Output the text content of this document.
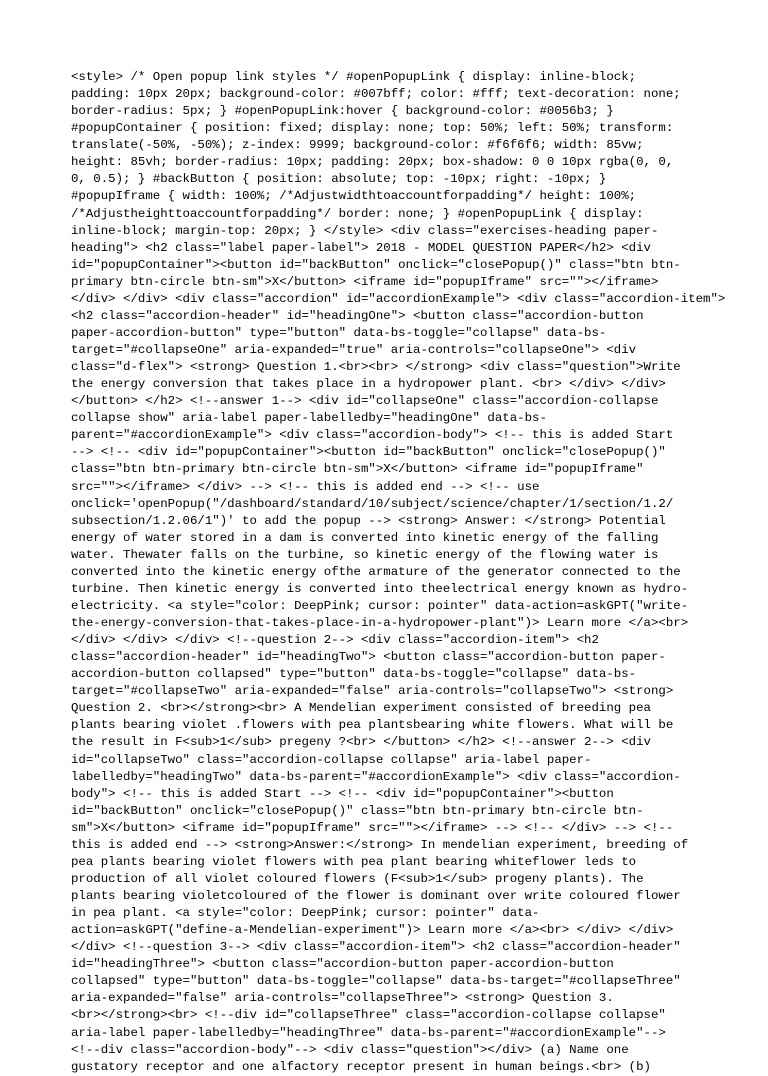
<style> /* Open popup link styles */ #openPopupLink { display: inline-block;
padding: 10px 20px; background-color: #007bff; color: #fff; text-decoration: none;
border-radius: 5px; } #openPopupLink:hover { background-color: #0056b3; }
#popupContainer { position: fixed; display: none; top: 50%; left: 50%; transform:
translate(-50%, -50%); z-index: 9999; background-color: #f6f6f6; width: 85vw;
height: 85vh; border-radius: 10px; padding: 20px; box-shadow: 0 0 10px rgba(0, 0,
0, 0.5); } #backButton { position: absolute; top: -10px; right: -10px; }
#popupIframe { width: 100%; /*Adjustwidthtoaccountforpadding*/ height: 100%;
/*Adjustheighttoaccountforpadding*/ border: none; } #openPopupLink { display:
inline-block; margin-top: 20px; } </style> <div class="exercises-heading paper-
heading"> <h2 class="label paper-label"> 2018 - MODEL QUESTION PAPER</h2> <div
id="popupContainer"><button id="backButton" onclick="closePopup()" class="btn btn-
primary btn-circle btn-sm">X</button> <iframe id="popupIframe" src=""></iframe>
</div> </div> <div class="accordion" id="accordionExample"> <div class="accordion-item">
<h2 class="accordion-header" id="headingOne"> <button class="accordion-button
paper-accordion-button" type="button" data-bs-toggle="collapse" data-bs-
target="#collapseOne" aria-expanded="true" aria-controls="collapseOne"> <div
class="d-flex"> <strong> Question 1.<br><br> </strong> <div class="question">Write
the energy conversion that takes place in a hydropower plant. <br> </div> </div>
</button> </h2> <!--answer 1--> <div id="collapseOne" class="accordion-collapse
collapse show" aria-label paper-labelledby="headingOne" data-bs-
parent="#accordionExample"> <div class="accordion-body"> <!-- this is added Start
--> <!-- <div id="popupContainer"><button id="backButton" onclick="closePopup()"
class="btn btn-primary btn-circle btn-sm">X</button> <iframe id="popupIframe"
src=""></iframe> </div> --> <!-- this is added end --> <!-- use
onclick='openPopup("/dashboard/standard/10/subject/science/chapter/1/section/1.2/
subsection/1.2.06/1")' to add the popup --> <strong> Answer: </strong> Potential
energy of water stored in a dam is converted into kinetic energy of the falling
water. Thewater falls on the turbine, so kinetic energy of the flowing water is
converted into the kinetic energy ofthe armature of the generator connected to the
turbine. Then kinetic energy is converted into theelectrical energy known as hydro-
electricity. <a style="color: DeepPink; cursor: pointer" data-action=askGPT("write-
the-energy-conversion-that-takes-place-in-a-hydropower-plant")> Learn more </a><br>
</div> </div> </div> <!--question 2--> <div class="accordion-item"> <h2
class="accordion-header" id="headingTwo"> <button class="accordion-button paper-
accordion-button collapsed" type="button" data-bs-toggle="collapse" data-bs-
target="#collapseTwo" aria-expanded="false" aria-controls="collapseTwo"> <strong>
Question 2. <br></strong><br> A Mendelian experiment consisted of breeding pea
plants bearing violet .flowers with pea plantsbearing white flowers. What will be
the result in F<sub>1</sub> pregeny ?<br> </button> </h2> <!--answer 2--> <div
id="collapseTwo" class="accordion-collapse collapse" aria-label paper-
labelledby="headingTwo" data-bs-parent="#accordionExample"> <div class="accordion-
body"> <!-- this is added Start --> <!-- <div id="popupContainer"><button
id="backButton" onclick="closePopup()" class="btn btn-primary btn-circle btn-
sm">X</button> <iframe id="popupIframe" src=""></iframe> --> <!-- </div> --> <!--
this is added end --> <strong>Answer:</strong> In mendelian experiment, breeding of
pea plants bearing violet flowers with pea plant bearing whiteflower leds to
production of all violet coloured flowers (F<sub>1</sub> progeny plants). The
plants bearing violetcoloured of the flower is dominant over write coloured flower
in pea plant. <a style="color: DeepPink; cursor: pointer" data-
action=askGPT("define-a-Mendelian-experiment")> Learn more </a><br> </div> </div>
</div> <!--question 3--> <div class="accordion-item"> <h2 class="accordion-header"
id="headingThree"> <button class="accordion-button paper-accordion-button
collapsed" type="button" data-bs-toggle="collapse" data-bs-target="#collapseThree"
aria-expanded="false" aria-controls="collapseThree"> <strong> Question 3.
<br></strong><br> <!--div id="collapseThree" class="accordion-collapse collapse"
aria-label paper-labelledby="headingThree" data-bs-parent="#accordionExample"-->
<!--div class="accordion-body"--> <div class="question"></div> (a) Name one
gustatory receptor and one alfactory receptor present in human beings.<br> (b)
